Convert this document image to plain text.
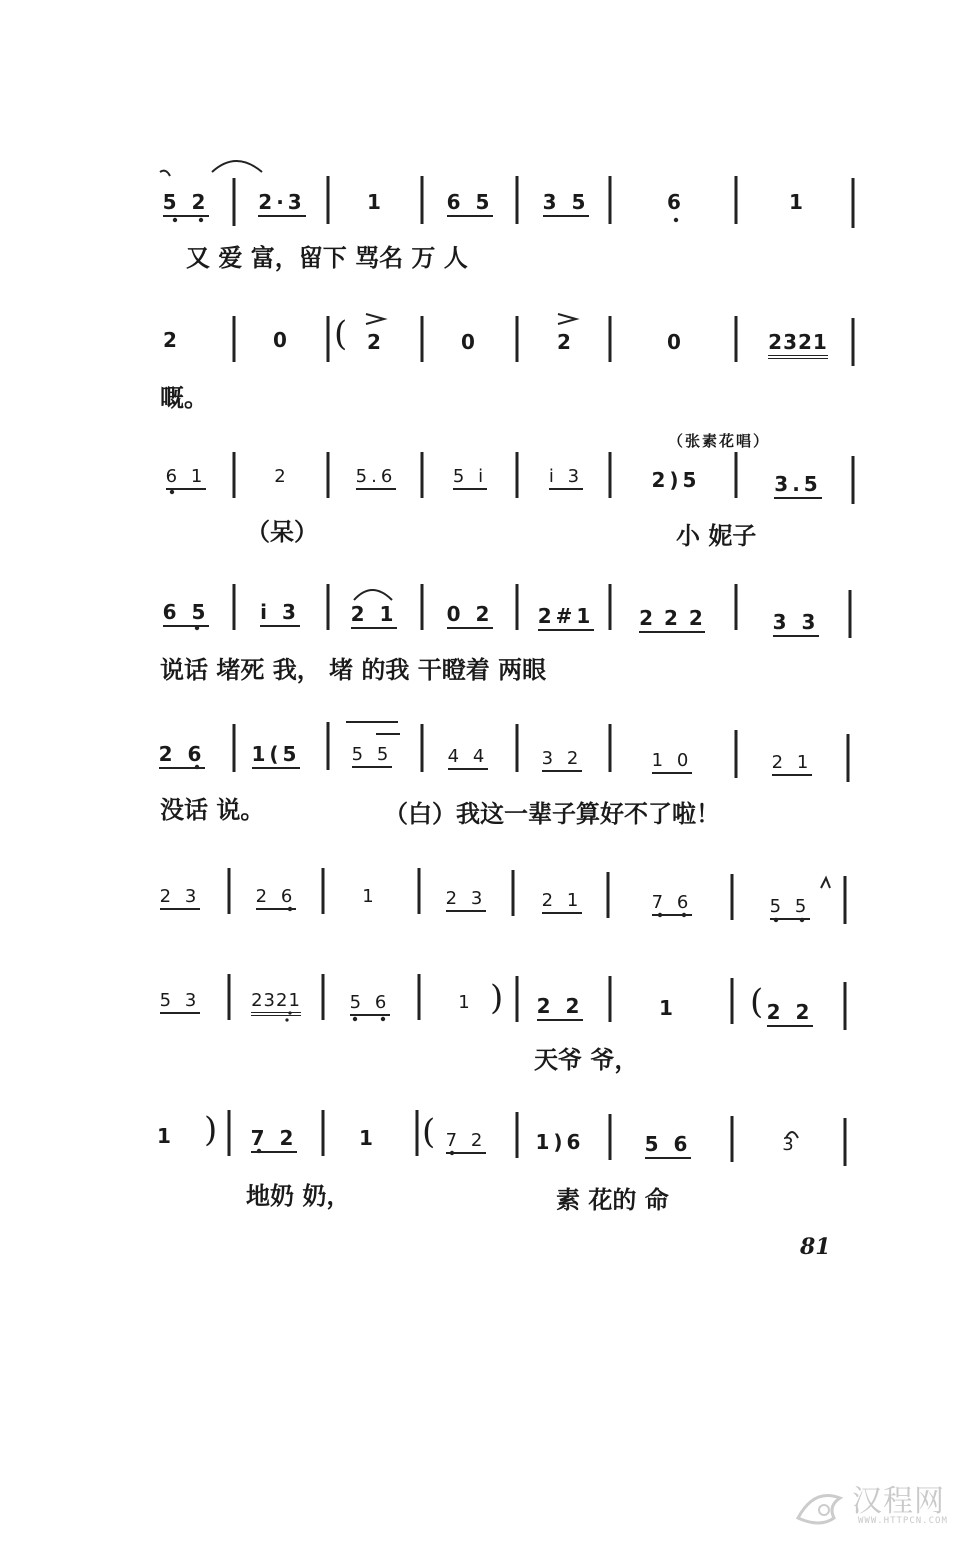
5 2	2·3	1	6 5	3 5	6	1
又 爱 富，留下 骂名 万 人
2	0	( 2	0	2	0	2321
嘅。
（张素花唱）
6 1	2	5.6	5 i	i 3	2)5	3.5
（呆）	小 妮子
6 5	i 3	2 1	0 2	2#1	2 2 2	3 3
说话 堵死 我， 堵 的我 干瞪着 两眼
2 6	1(5	5 5	4 4	3 2	1 0	2 1
没话 说。	（白）我这一辈子算好不了啦！
2 3	2 6	1	2 3	2 1	7 6	5 5
5 3	2321	5 6	1 )	2 2	1	( 2 2
天爷 爷，
1 )	7 2	1	( 7 2	1)6	5 6	3
地奶 奶，	素 花的 命
81
汉程网
WWW.HTTPCN.COM
